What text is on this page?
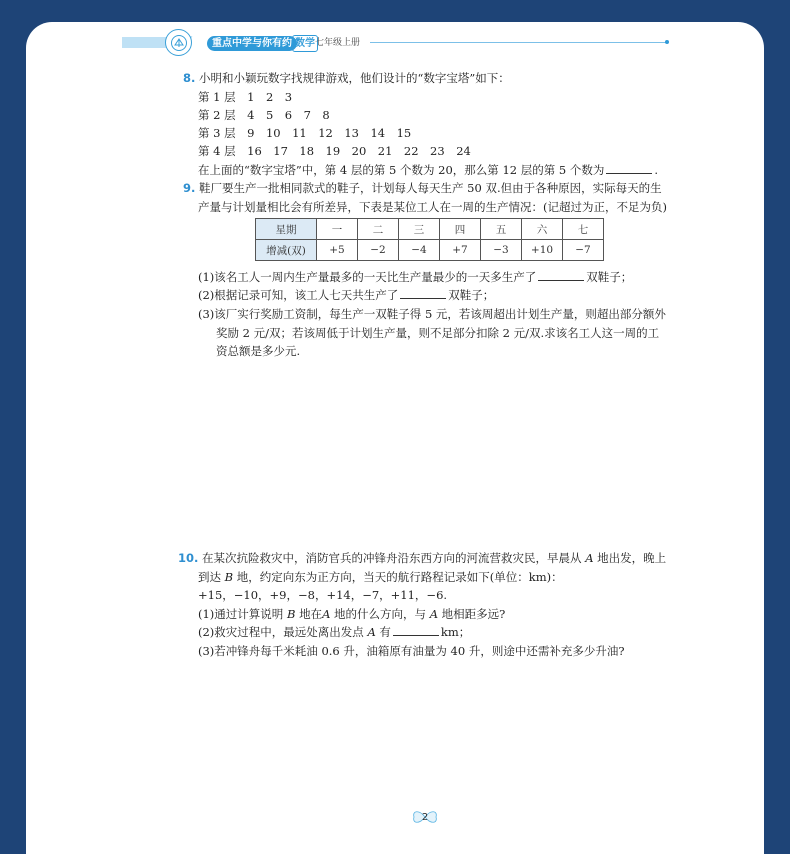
重点中学与你有约 数学 七年级上册
8. 小明和小颖玩数字找规律游戏，他们设计的“数字宝塔”如下：
第 1 层　1　2　3
第 2 层　4　5　6　7　8
第 3 层　9　10　11　12　13　14　15
第 4 层　16　17　18　19　20　21　22　23　24
在上面的“数字宝塔”中，第 4 层的第 5 个数为 20，那么第 12 层的第 5 个数为	.
9. 鞋厂要生产一批相同款式的鞋子，计划每人每天生产 50 双.但由于各种原因，实际每天的生
产量与计划量相比会有所差异，下表是某位工人在一周的生产情况：(记超过为正，不足为负)
星期	一	二	三	四	五	六	七
增减(双)	+5	−2	−4	+7	−3	+10	−7
(1)该名工人一周内生产量最多的一天比生产量最少的一天多生产了	双鞋子；
(2)根据记录可知，该工人七天共生产了	双鞋子；
(3)该厂实行奖励工资制，每生产一双鞋子得 5 元，若该周超出计划生产量，则超出部分额外
奖励 2 元/双；若该周低于计划生产量，则不足部分扣除 2 元/双.求该名工人这一周的工
资总额是多少元.
10. 在某次抗险救灾中，消防官兵的冲锋舟沿东西方向的河流营救灾民，早晨从 A 地出发，晚上
到达 B 地，约定向东为正方向，当天的航行路程记录如下(单位：km)：
+15，−10，+9，−8，+14，−7，+11，−6.
(1)通过计算说明 B 地在A 地的什么方向，与 A 地相距多远?
(2)救灾过程中，最远处离出发点 A 有	km；
(3)若冲锋舟每千米耗油 0.6 升，油箱原有油量为 40 升，则途中还需补充多少升油?
2
